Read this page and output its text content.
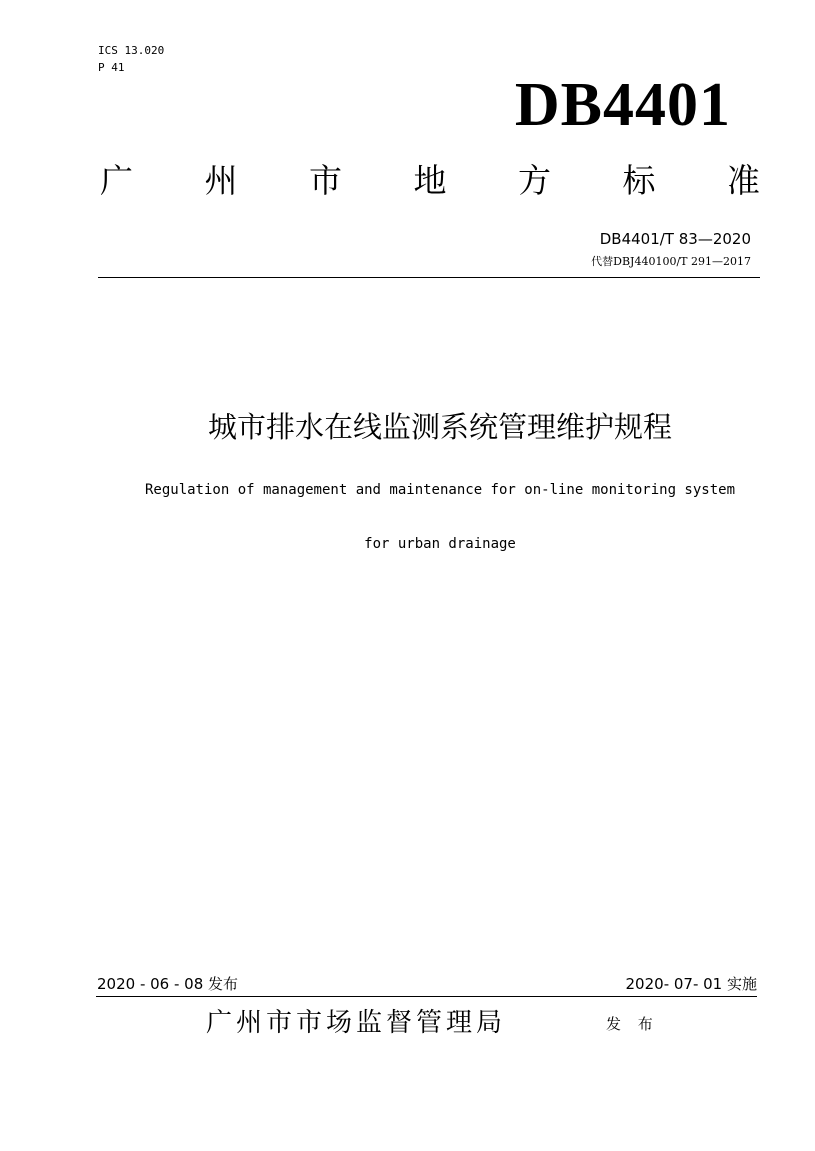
ICS 13.020
P 41
DB4401
广 州 市 地 方 标 准
DB4401/T 83—2020
代替DBJ440100/T 291—2017
城市排水在线监测系统管理维护规程
Regulation of management and maintenance for on-line monitoring system
for urban drainage
2020 - 06 - 08 发布	2020- 07- 01 实施
广州市市场监督管理局	发 布
